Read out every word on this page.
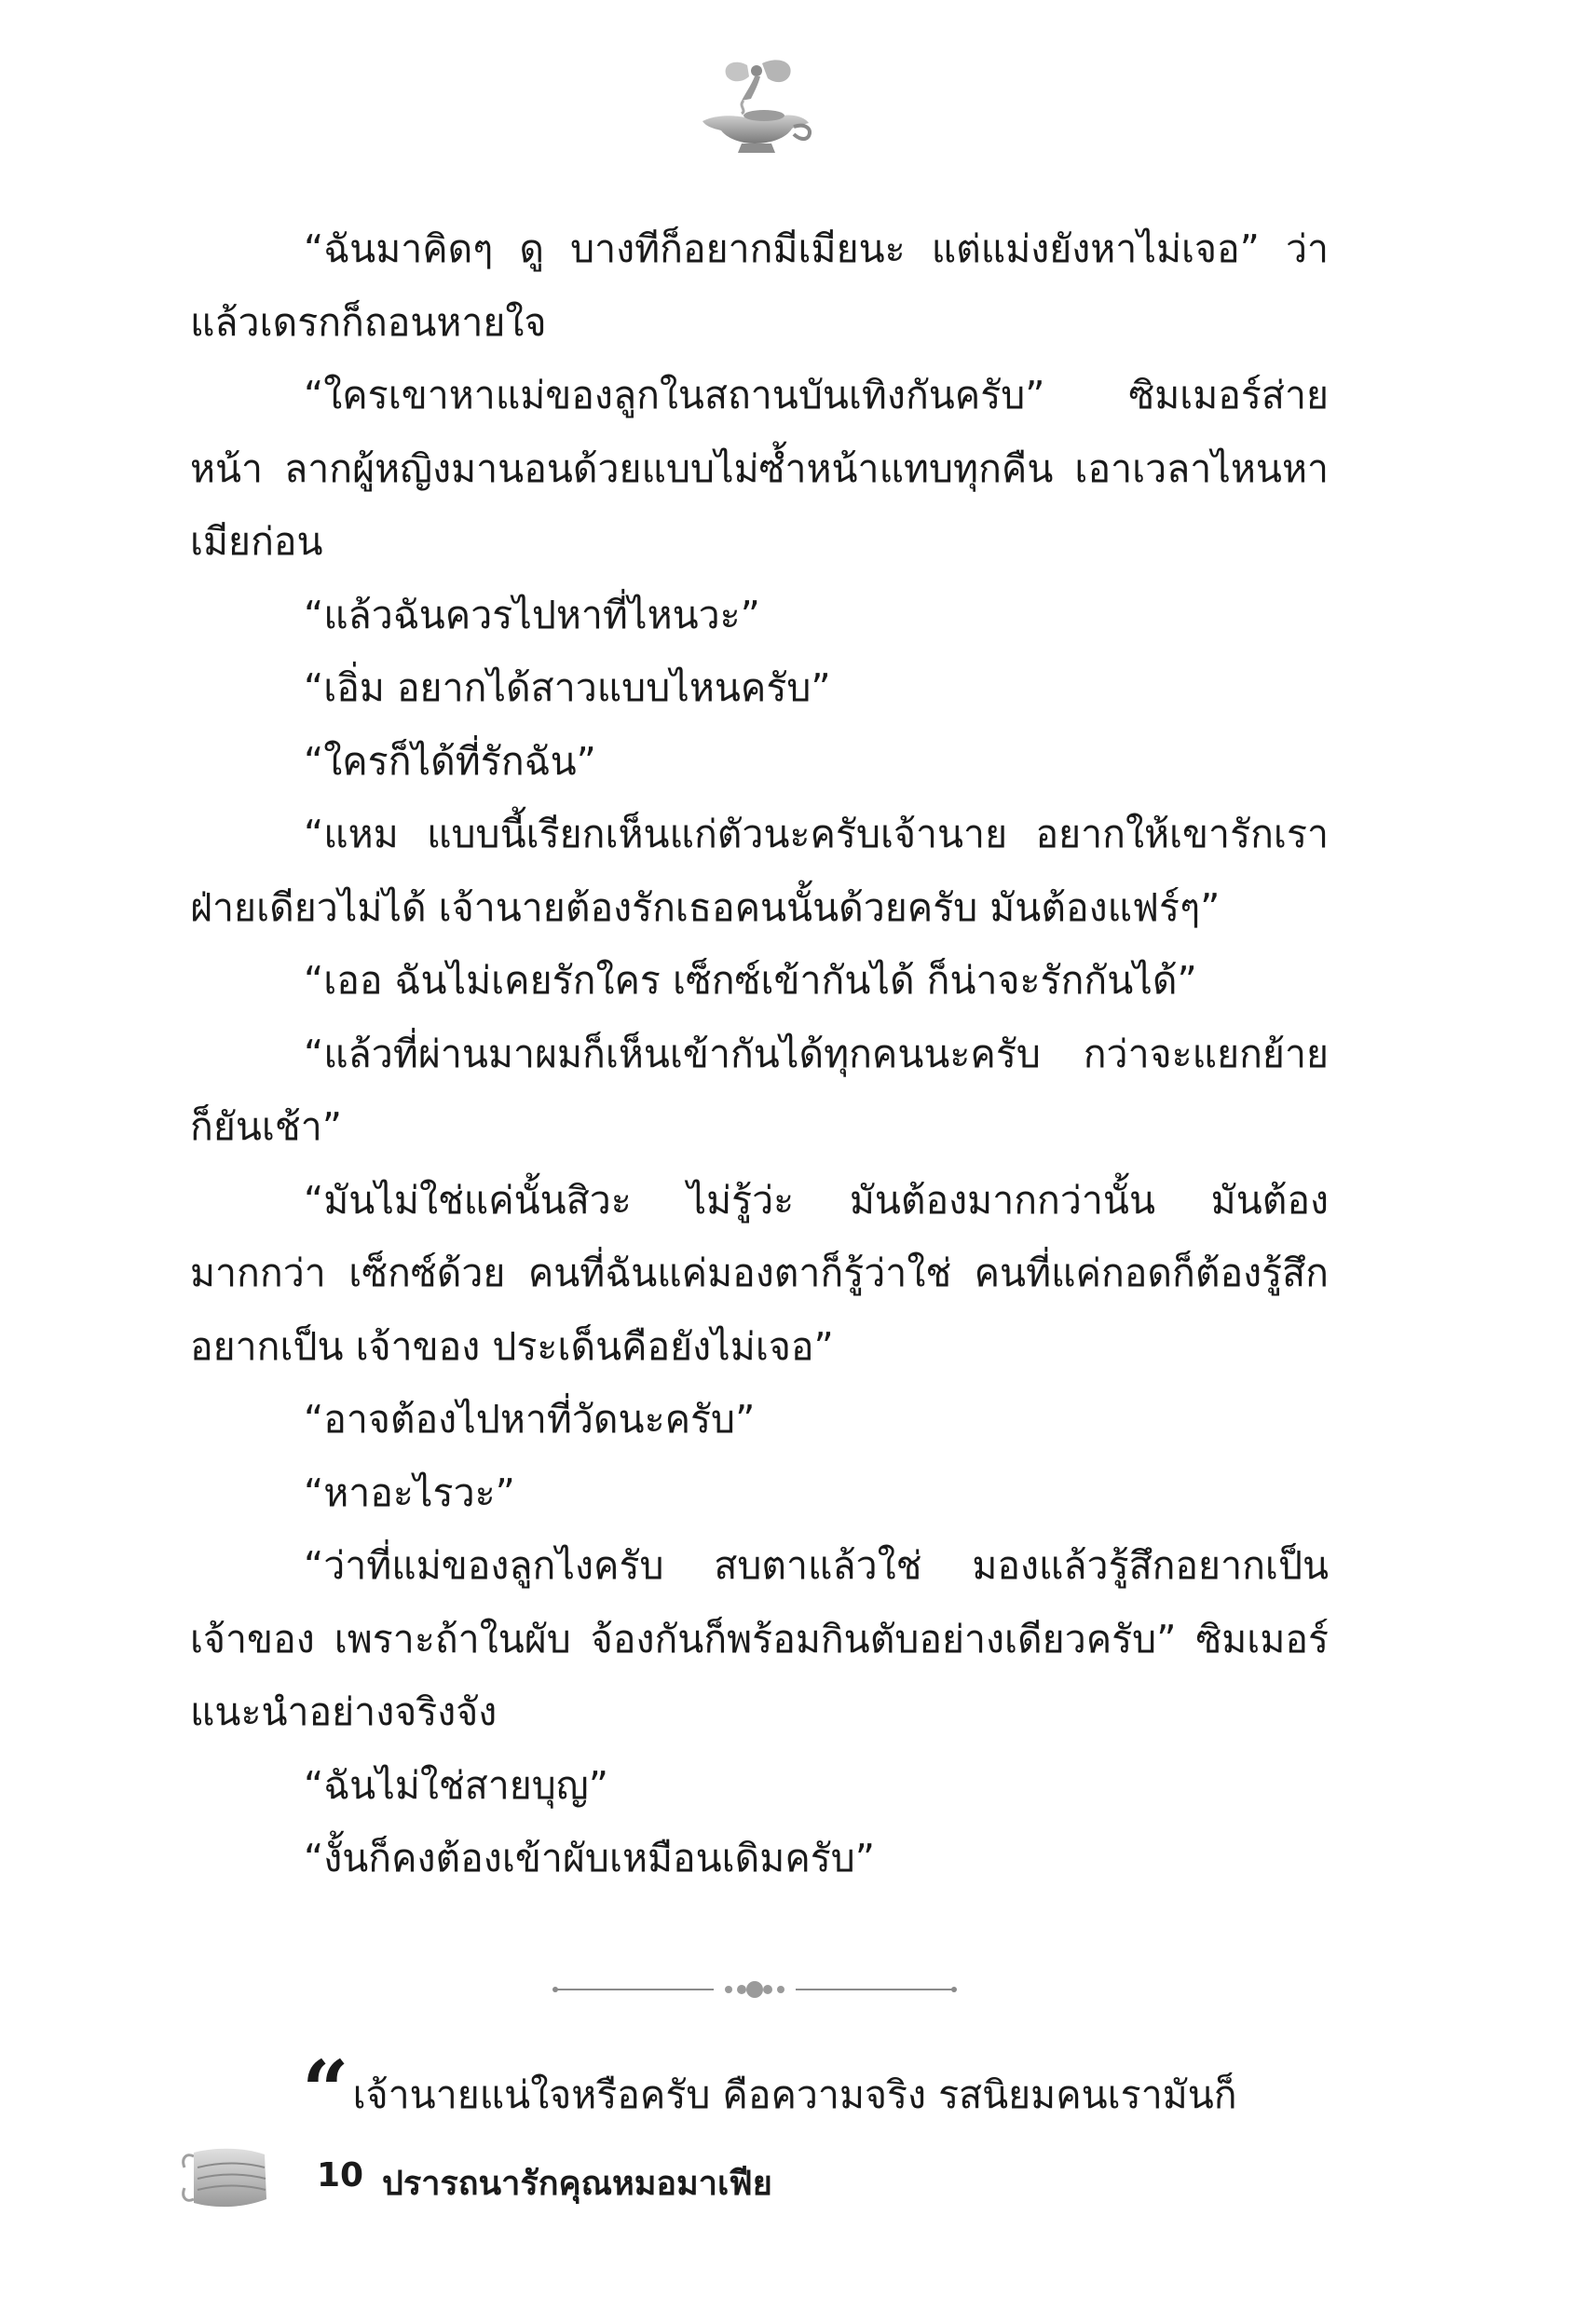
“ฉันมาคิดๆ ดู บางทีก็อยากมีเมียนะ แต่แม่งยังหาไม่เจอ” ว่าแล้วเดรกก็ถอนหายใจ

“ใครเขาหาแม่ของลูกในสถานบันเทิงกันครับ” ซิมเมอร์ส่ายหน้า ลากผู้หญิงมานอนด้วยแบบไม่ซ้ำหน้าแทบทุกคืน เอาเวลาไหนหาเมียก่อน

“แล้วฉันควรไปหาที่ไหนวะ”

“เอิ่ม อยากได้สาวแบบไหนครับ”

“ใครก็ได้ที่รักฉัน”

“แหม แบบนี้เรียกเห็นแก่ตัวนะครับเจ้านาย อยากให้เขารักเรา ฝ่ายเดียวไม่ได้ เจ้านายต้องรักเธอคนนั้นด้วยครับ มันต้องแฟร์ๆ”

“เออ ฉันไม่เคยรักใคร เซ็กซ์เข้ากันได้ ก็น่าจะรักกันได้”

“แล้วที่ผ่านมาผมก็เห็นเข้ากันได้ทุกคนนะครับ กว่าจะแยกย้าย ก็ยันเช้า”

“มันไม่ใช่แค่นั้นสิวะ ไม่รู้ว่ะ มันต้องมากกว่านั้น มันต้องมากกว่า เซ็กซ์ด้วย คนที่ฉันแค่มองตาก็รู้ว่าใช่ คนที่แค่กอดก็ต้องรู้สึกอยากเป็น เจ้าของ ประเด็นคือยังไม่เจอ”

“อาจต้องไปหาที่วัดนะครับ”

“หาอะไรวะ”

“ว่าที่แม่ของลูกไงครับ สบตาแล้วใช่ มองแล้วรู้สึกอยากเป็น เจ้าของ เพราะถ้าในผับ จ้องกันก็พร้อมกินตับอย่างเดียวครับ” ซิมเมอร์ แนะนำอย่างจริงจัง

“ฉันไม่ใช่สายบุญ”

“งั้นก็คงต้องเข้าผับเหมือนเดิมครับ”

“เจ้านายแน่ใจหรือครับ คือความจริง รสนิยมคนเรามันก็
10 ปรารถนารักคุณหมอมาเฟีย
